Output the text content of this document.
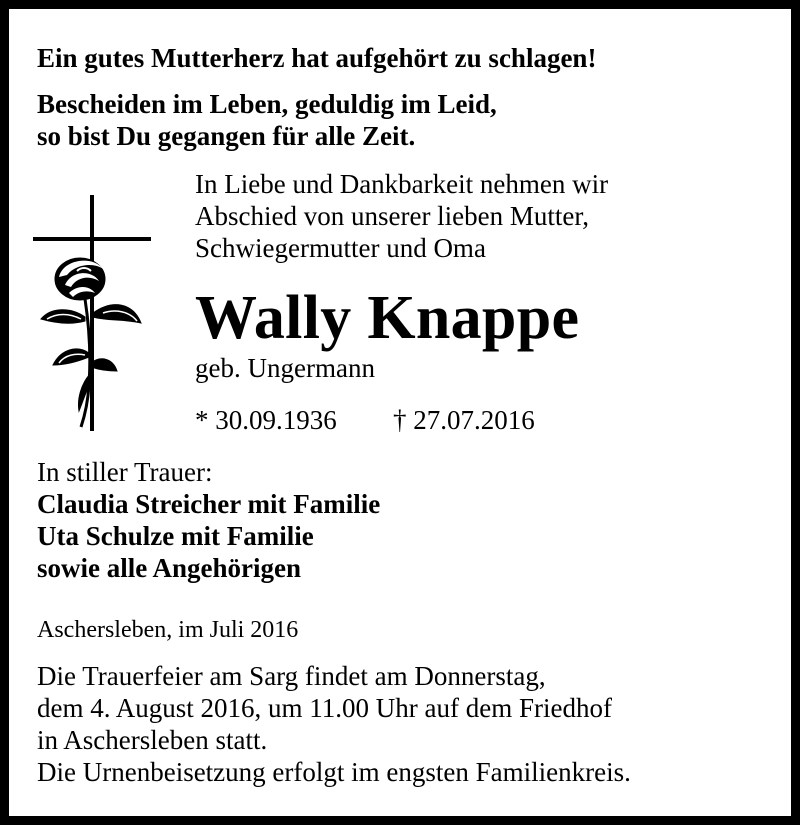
Ein gutes Mutterherz hat aufgehört zu schlagen!
Bescheiden im Leben, geduldig im Leid,
so bist Du gegangen für alle Zeit.
In Liebe und Dankbarkeit nehmen wir
Abschied von unserer lieben Mutter,
Schwiegermutter und Oma
Wally Knappe
geb. Ungermann
* 30.09.1936 † 27.07.2016
In stiller Trauer:
Claudia Streicher mit Familie
Uta Schulze mit Familie
sowie alle Angehörigen
Aschersleben, im Juli 2016
Die Trauerfeier am Sarg findet am Donnerstag,
dem 4. August 2016, um 11.00 Uhr auf dem Friedhof
in Aschersleben statt.
Die Urnenbeisetzung erfolgt im engsten Familienkreis.
